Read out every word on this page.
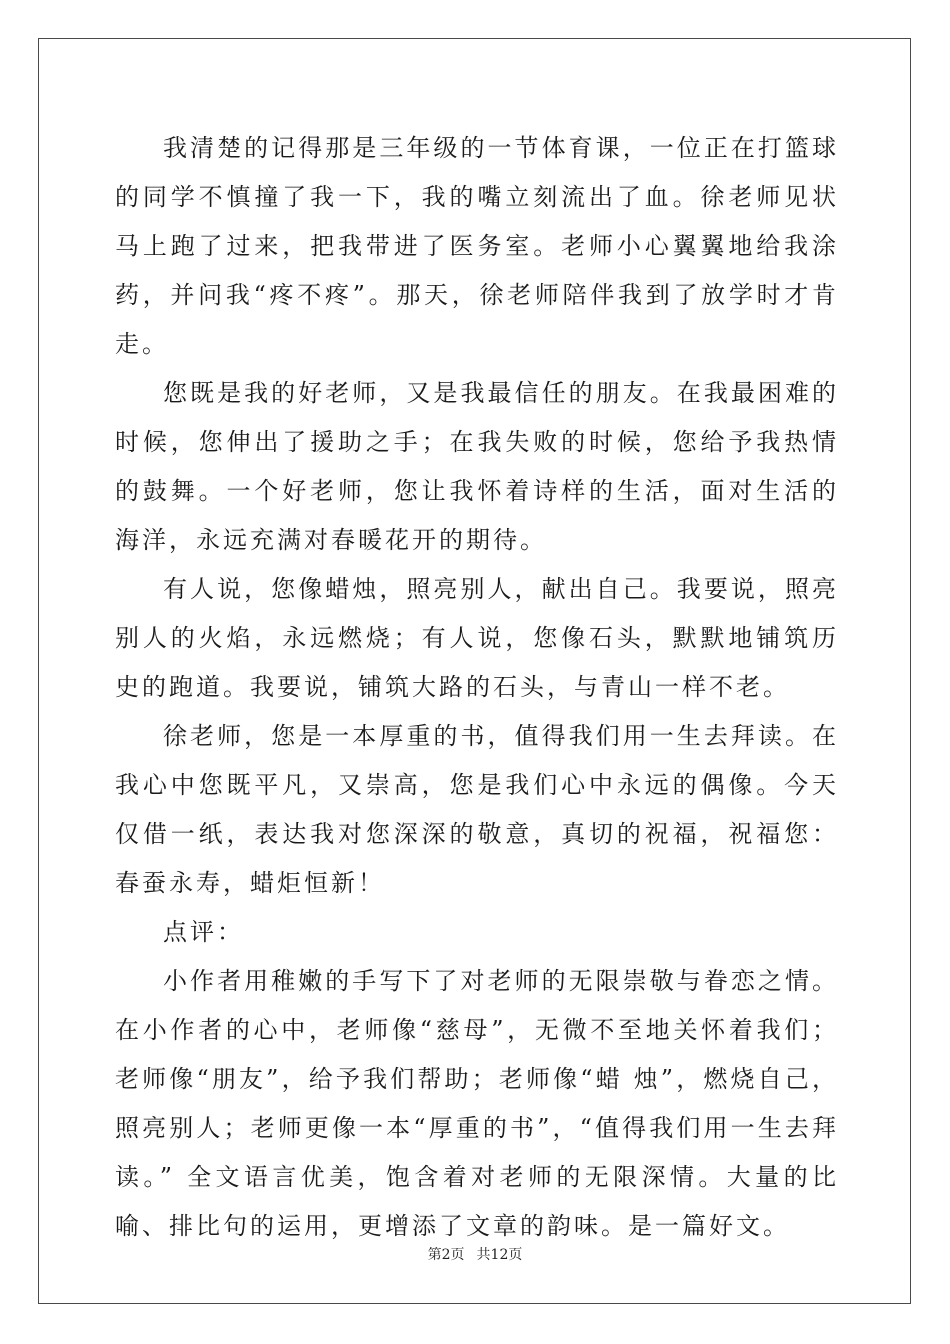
我清楚的记得那是三年级的一节体育课，一位正在打篮球的同学不慎撞了我一下，我的嘴立刻流出了血。徐老师见状马上跑了过来，把我带进了医务室。老师小心翼翼地给我涂药，并问我“疼不疼”。那天，徐老师陪伴我到了放学时才肯走。

您既是我的好老师，又是我最信任的朋友。在我最困难的时候，您伸出了援助之手；在我失败的时候，您给予我热情的鼓舞。一个好老师，您让我怀着诗样的生活，面对生活的海洋，永远充满对春暖花开的期待。

有人说，您像蜡烛，照亮别人，献出自己。我要说，照亮别人的火焰，永远燃烧；有人说，您像石头，默默地铺筑历史的跑道。我要说，铺筑大路的石头，与青山一样不老。

徐老师，您是一本厚重的书，值得我们用一生去拜读。在我心中您既平凡，又崇高，您是我们心中永远的偶像。今天仅借一纸，表达我对您深深的敬意，真切的祝福，祝福您：春蚕永寿，蜡炬恒新！

点评：

小作者用稚嫩的手写下了对老师的无限崇敬与眷恋之情。在小作者的心中，老师像“慈母”，无微不至地关怀着我们；老师像“朋友”，给予我们帮助；老师像“蜡 烛”，燃烧自己，照亮别人；老师更像一本“厚重的书”，“值得我们用一生去拜读。” 全文语言优美，饱含着对老师的无限深情。大量的比喻、排比句的运用，更增添了文章的韵味。是一篇好文。

第2页 共12页
